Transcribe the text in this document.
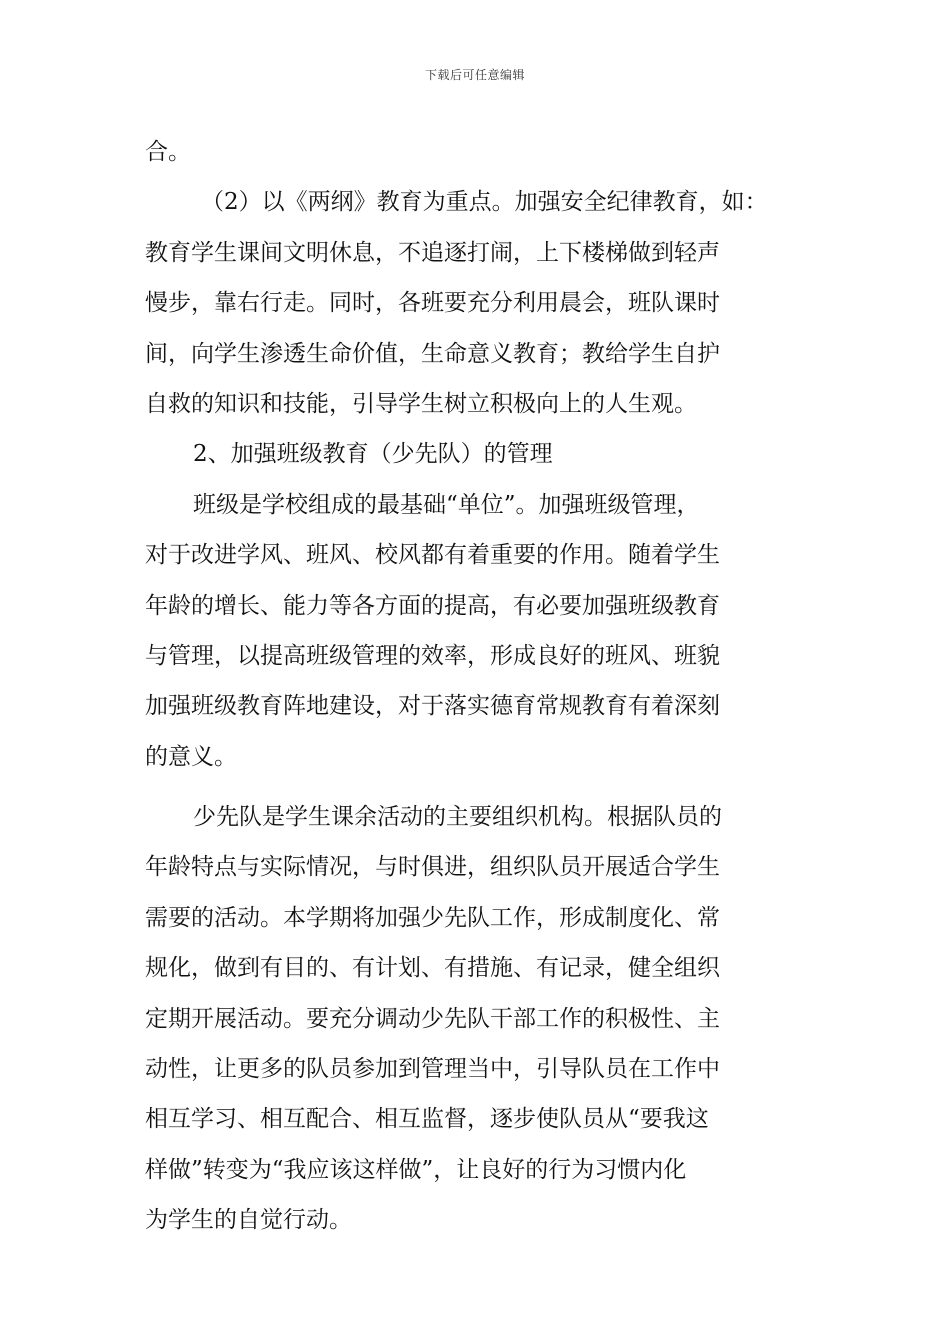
下载后可任意编辑
合。
（2）以《两纲》教育为重点。加强安全纪律教育，如：
教育学生课间文明休息，不追逐打闹，上下楼梯做到轻声
慢步，靠右行走。同时，各班要充分利用晨会，班队课时
间，向学生渗透生命价值，生命意义教育；教给学生自护
自救的知识和技能，引导学生树立积极向上的人生观。
2、加强班级教育（少先队）的管理
班级是学校组成的最基础“单位”。加强班级管理，
对于改进学风、班风、校风都有着重要的作用。随着学生
年龄的增长、能力等各方面的提高，有必要加强班级教育
与管理，以提高班级管理的效率，形成良好的班风、班貌
加强班级教育阵地建设，对于落实德育常规教育有着深刻
的意义。
少先队是学生课余活动的主要组织机构。根据队员的
年龄特点与实际情况，与时俱进，组织队员开展适合学生
需要的活动。本学期将加强少先队工作，形成制度化、常
规化，做到有目的、有计划、有措施、有记录，健全组织
定期开展活动。要充分调动少先队干部工作的积极性、主
动性，让更多的队员参加到管理当中，引导队员在工作中
相互学习、相互配合、相互监督，逐步使队员从“要我这
样做”转变为“我应该这样做”，让良好的行为习惯内化
为学生的自觉行动。
